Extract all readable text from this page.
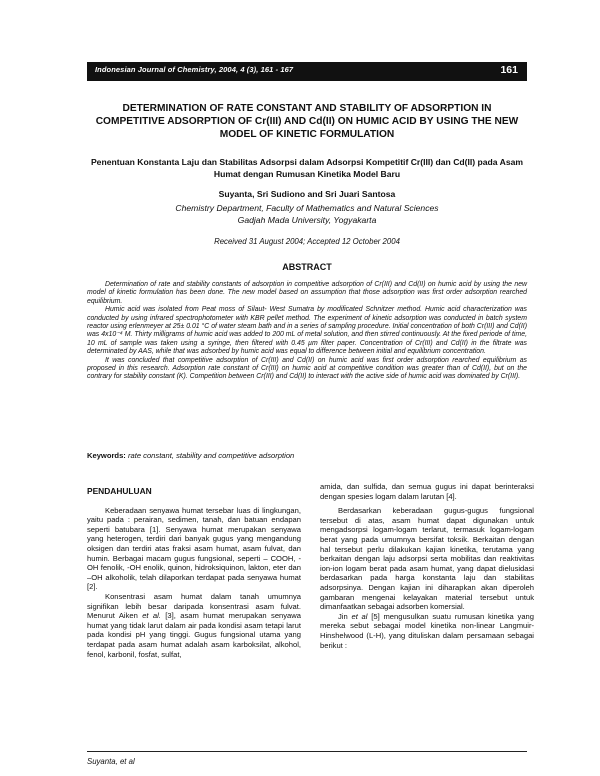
Indonesian Journal of Chemistry, 2004, 4 (3), 161 - 167	161
DETERMINATION OF RATE CONSTANT AND STABILITY OF ADSORPTION IN COMPETITIVE ADSORPTION OF Cr(III) AND Cd(II) ON HUMIC ACID BY USING THE NEW MODEL OF KINETIC FORMULATION
Penentuan Konstanta Laju dan Stabilitas Adsorpsi dalam Adsorpsi Kompetitif Cr(III) dan Cd(II) pada Asam Humat dengan Rumusan Kinetika Model Baru
Suyanta, Sri Sudiono and Sri Juari Santosa
Chemistry Department, Faculty of Mathematics and Natural Sciences
Gadjah Mada University, Yogyakarta
Received 31 August 2004; Accepted 12 October 2004
ABSTRACT

Determination of rate and stability constants of adsorption in competitive adsorption of Cr(III) and Cd(II) on humic acid by using the new model of kinetic formulation has been done. The new model based on assumption that those adsorption was first order adsorption rearched equilibrium.

Humic acid was isolated from Peat moss of Silaut- West Sumatra by modificated Schnitzer method. Humic acid characterization was conducted by using infrared spectrophotometer with KBR pellet method. The experiment of kinetic adsorption was conducted in batch system reactor using erlenmeyer at 25± 0.01 °C of water steam bath and in a series of sampling procedure. Initial concentration of both Cr(III) and Cd(II) was 4x10⁻⁴ M. Thirty milligrams of humic acid was added to 200 mL of metal solution, and then stirred continuously. At the fixed periode of time, 10 mL of sample was taken using a syringe, then filtered with 0.45 µm filter paper. Concentration of Cr(III) and Cd(II) in the filtrate was determinated by AAS, while that was adsorbed by humic acid was equal to difference between initial and equilibrium concentration.

It was concluded that competitive adsorption of Cr(III) and Cd(II) on humic acid was first order adsorption rearched equilibrium as proposed in this research. Adsorption rate constant of Cr(III) on humic acid at competitive condition was greater than of Cd(II), but on the contrary for stability constant (K). Competition between Cr(III) and Cd(II) to interact with the active side of humic acid was dominated by Cr(III).

Keywords: rate constant, stability and competitive adsorption

PENDAHULUAN

Keberadaan senyawa humat tersebar luas di lingkungan, yaitu pada : perairan, sedimen, tanah, dan batuan endapan seperti batubara [1]. Senyawa humat merupakan senyawa yang heterogen, terdiri dari banyak gugus yang mengandung oksigen dan terdiri atas fraksi asam humat, asam fulvat, dan humin. Berbagai macam gugus fungsional, seperti – COOH, -OH fenolik, -OH enolik, quinon, hidroksiquinon, lakton, eter dan –OH alkoholik, telah dilaporkan terdapat pada senyawa humat [2].

Konsentrasi asam humat dalam tanah umumnya signifikan lebih besar daripada konsentrasi asam fulvat. Menurut Aiken et al. [3], asam humat merupakan senyawa humat yang tidak larut dalam air pada kondisi asam tetapi larut pada kondisi pH yang tinggi. Gugus fungsional utama yang terdapat pada asam humat adalah asam karboksilat, alkohol, fenol, karbonil, fosfat, sulfat,

amida, dan sulfida, dan semua gugus ini dapat berinteraksi dengan spesies logam dalam larutan [4].

Berdasarkan keberadaan gugus-gugus fungsional tersebut di atas, asam humat dapat digunakan untuk mengadsorpsi logam-logam terlarut, termasuk logam-logam berat yang pada umumnya bersifat toksik. Berkaitan dengan hal tersebut perlu dilakukan kajian kinetika, terutama yang berkaitan dengan laju adsorpsi serta mobilitas dan reaktivitas ion-ion logam berat pada asam humat, yang dapat dielusidasi berdasarkan pada harga konstanta laju dan stabilitas adsorpsinya. Dengan kajian ini diharapkan akan diperoleh gambaran mengenai kelayakan material tersebut untuk dimanfaatkan sebagai adsorben komersial.

Jin et al [5] mengusulkan suatu rumusan kinetika yang mereka sebut sebagai model kinetika non-linear Langmuir-Hinshelwood (L-H), yang dituliskan dalam persamaan sebagai berikut :

Suyanta, et al
